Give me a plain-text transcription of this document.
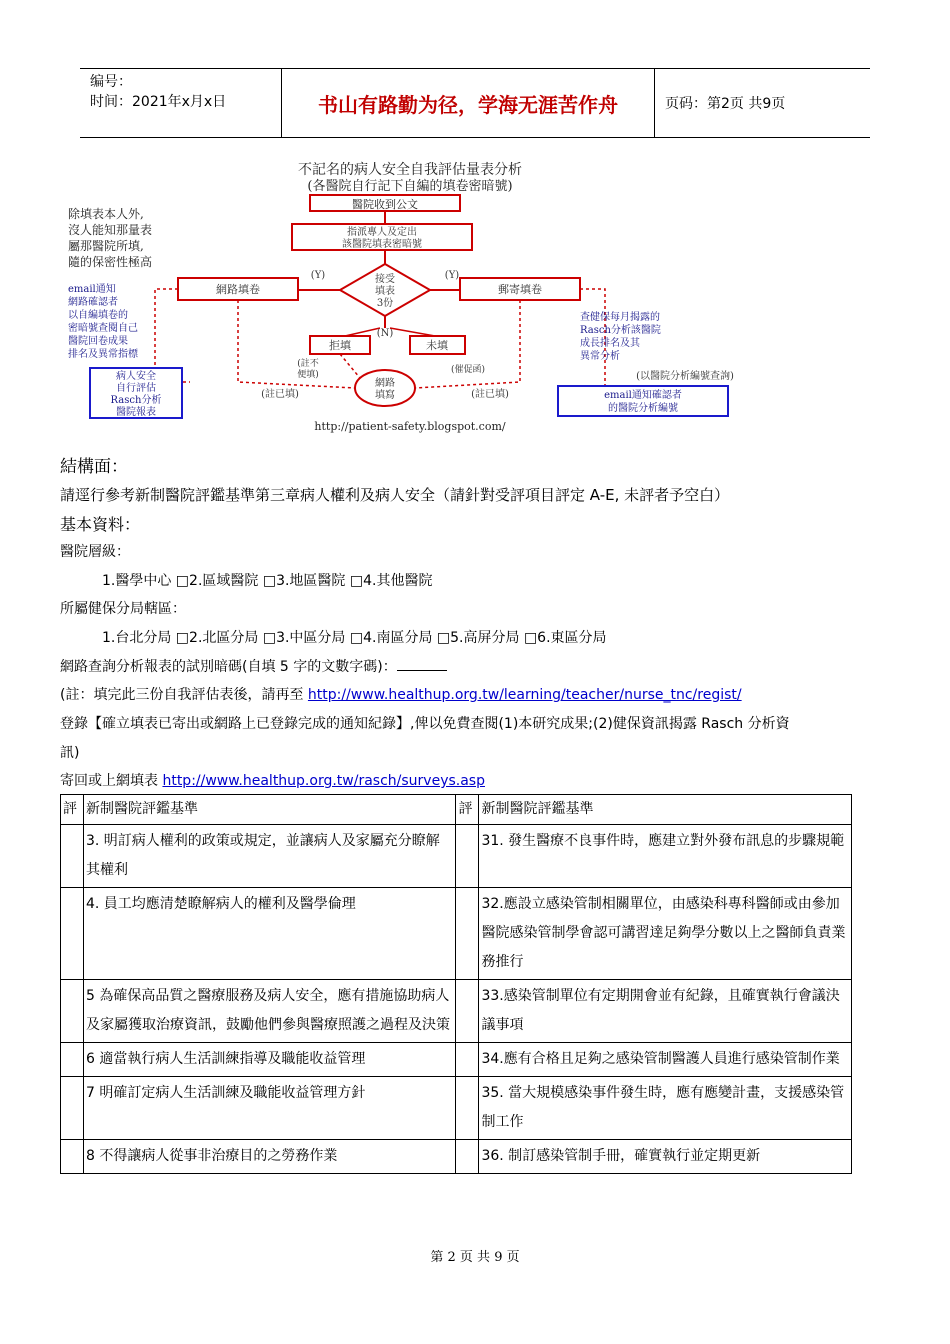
编号：
时间：2021年x月x日	书山有路勤为径，学海无涯苦作舟	页码：第2页 共9页
不記名的病人安全自我評估量表分析
(各醫院自行記下自編的填卷密暗號)
醫院收到公文
指派專人及定出
該醫院填表密暗號
接受
填表
3份
(Y)	(Y)
網路填卷	郵寄填卷
(N)
拒填	未填
(註不
便填)	(催促函)
網路
填寫
(註已填)	(註已填)
除填表本人外,
沒人能知那量表
屬那醫院所填,
隨的保密性極高
email通知
網路確認者
以自編填卷的
密暗號查閱自己
醫院回卷成果
排名及異常指標
病人安全
自行評估
Rasch分析
醫院報表
查健保每月揭露的
Rasch分析該醫院
成長排名及其
異常分析
(以醫院分析編號查詢)
email通知確認者
的醫院分析編號
http://patient-safety.blogspot.com/
結構面：
請逕行參考新制醫院評鑑基準第三章病人權利及病人安全（請針對受評項目評定 A-E, 未評者予空白）
基本資料：
醫院層級：
1.醫學中心 □2.區域醫院 □3.地區醫院 □4.其他醫院
所屬健保分局轄區：
1.台北分局 □2.北區分局 □3.中區分局 □4.南區分局 □5.高屏分局 □6.東區分局
網路查詢分析報表的試別暗碼(自填 5 字的文數字碼)：
(註：填完此三份自我評估表後，請再至 http://www.healthup.org.tw/learning/teacher/nurse_tnc/regist/
登錄【確立填表已寄出或網路上已登錄完成的通知紀錄】,俾以免費查閱(1)本研究成果;(2)健保資訊揭露 Rasch 分析資
訊)
寄回或上網填表 http://www.healthup.org.tw/rasch/surveys.asp
評	新制醫院評鑑基準	評	新制醫院評鑑基準
	3. 明訂病人權利的政策或規定，並讓病人及家屬充分瞭解其權利		31. 發生醫療不良事件時，應建立對外發布訊息的步驟規範
	4. 員工均應清楚瞭解病人的權利及醫學倫理		32.應設立感染管制相關單位，由感染科專科醫師或由參加醫院感染管制學會認可講習達足夠學分數以上之醫師負責業務推行
	5 為確保高品質之醫療服務及病人安全，應有措施協助病人及家屬獲取治療資訊，鼓勵他們參與醫療照護之過程及決策		33.感染管制單位有定期開會並有紀錄，且確實執行會議決議事項
	6 適當執行病人生活訓練指導及職能收益管理		34.應有合格且足夠之感染管制醫護人員進行感染管制作業
	7 明確訂定病人生活訓練及職能收益管理方針		35. 當大規模感染事件發生時，應有應變計畫，支援感染管制工作
	8 不得讓病人從事非治療目的之勞務作業		36. 制訂感染管制手冊，確實執行並定期更新
第 2 页 共 9 页
